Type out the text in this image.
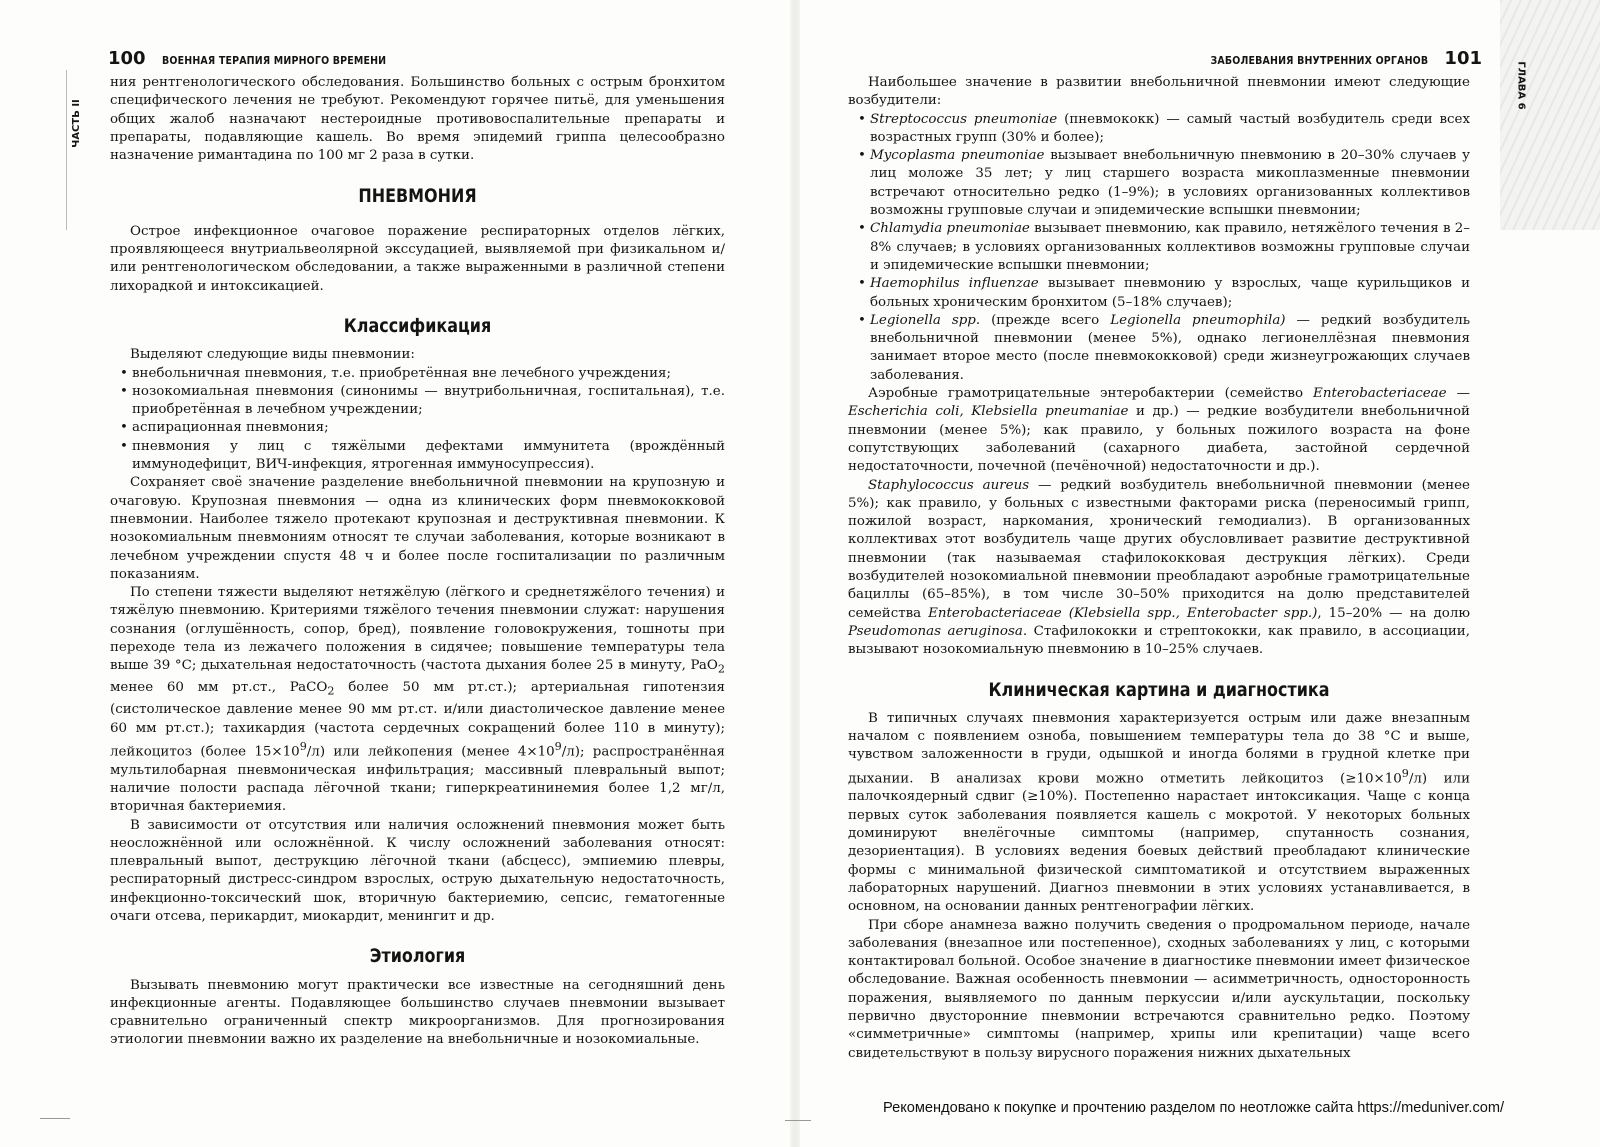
100 ВОЕННАЯ ТЕРАПИЯ МИРНОГО ВРЕМЕНИ
ЧАСТЬ II

ния рентгенологического обследования. Большинство больных с острым бронхитом специфического лечения не требуют. Рекомендуют горячее питьё, для уменьшения общих жалоб назначают нестероидные противовоспалительные препараты и препараты, подавляющие кашель. Во время эпидемий гриппа целесообразно назначение римантадина по 100 мг 2 раза в сутки.

ПНЕВМОНИЯ

Острое инфекционное очаговое поражение респираторных отделов лёгких, проявляющееся внутриальвеолярной экссудацией, выявляемой при физикальном и/или рентгенологическом обследовании, а также выраженными в различной степени лихорадкой и интоксикацией.

Классификация

Выделяют следующие виды пневмонии:

• внебольничная пневмония, т.е. приобретённая вне лечебного учреждения;
• нозокомиальная пневмония (синонимы — внутрибольничная, госпитальная), т.е. приобретённая в лечебном учреждении;
• аспирационная пневмония;
• пневмония у лиц с тяжёлыми дефектами иммунитета (врождённый иммунодефицит, ВИЧ-инфекция, ятрогенная иммуносупрессия).

Сохраняет своё значение разделение внебольничной пневмонии на крупозную и очаговую. Крупозная пневмония — одна из клинических форм пневмококковой пневмонии. Наиболее тяжело протекают крупозная и деструктивная пневмонии. К нозокомиальным пневмониям относят те случаи заболевания, которые возникают в лечебном учреждении спустя 48 ч и более после госпитализации по различным показаниям.

По степени тяжести выделяют нетяжёлую (лёгкого и среднетяжёлого течения) и тяжёлую пневмонию. Критериями тяжёлого течения пневмонии служат: нарушения сознания (оглушённость, сопор, бред), появление головокружения, тошноты при переходе тела из лежачего положения в сидячее; повышение температуры тела выше 39 °С; дыхательная недостаточность (частота дыхания более 25 в минуту, PaO$_2$ менее 60 мм рт.ст., PaCO$_2$ более 50 мм рт.ст.); артериальная гипотензия (систолическое давление менее 90 мм рт.ст. и/или диастолическое давление менее 60 мм рт.ст.); тахикардия (частота сердечных сокращений более 110 в минуту); лейкоцитоз (более $15\times 10^9/л$) или лейкопения (менее $4\times 10^9/л$); распространённая мультилобарная пневмоническая инфильтрация; массивный плевральный выпот; наличие полости распада лёгочной ткани; гиперкреатининемия более 1,2 мг/л, вторичная бактериемия.

В зависимости от отсутствия или наличия осложнений пневмония может быть неосложнённой или осложнённой. К числу осложнений заболевания относят: плевральный выпот, деструкцию лёгочной ткани (абсцесс), эмпиемию плевры, респираторный дистресс-синдром взрослых, острую дыхательную недостаточность, инфекционно-токсический шок, вторичную бактериемию, сепсис, гематогенные очаги отсева, перикардит, миокардит, менингит и др.

Этиология

Вызывать пневмонию могут практически все известные на сегодняшний день инфекционные агенты. Подавляющее большинство случаев пневмонии вызывает сравнительно ограниченный спектр микроорганизмов. Для прогнозирования этиологии пневмонии важно их разделение на внебольничные и нозокомиальные.

ЗАБОЛЕВАНИЯ ВНУТРЕННИХ ОРГАНОВ 101

Наибольшее значение в развитии внебольничной пневмонии имеют следующие возбудители:

• Streptococcus pneumoniae (пневмококк) — самый частый возбудитель среди всех возрастных групп (30% и более);
• Mycoplasma pneumoniae вызывает внебольничную пневмонию в 20–30% случаев у лиц моложе 35 лет; у лиц старшего возраста микоплазменные пневмонии встречают относительно редко (1–9%); в условиях организованных коллективов возможны групповые случаи и эпидемические вспышки пневмонии;
• Chlamydia pneumoniae вызывает пневмонию, как правило, нетяжёлого течения в 2–8% случаев; в условиях организованных коллективов возможны групповые случаи и эпидемические вспышки пневмонии;
• Haemophilus influenzae вызывает пневмонию у взрослых, чаще курильщиков и больных хроническим бронхитом (5–18% случаев);
• Legionella spp. (прежде всего Legionella pneumophila) — редкий возбудитель внебольничной пневмонии (менее 5%), однако легионеллёзная пневмония занимает второе место (после пневмококковой) среди жизнеугрожающих случаев заболевания.

Аэробные грамотрицательные энтеробактерии (семейство Enterobacteriaceae — Escherichia coli, Klebsiella pneumaniae и др.) — редкие возбудители внебольничной пневмонии (менее 5%); как правило, у больных пожилого возраста на фоне сопутствующих заболеваний (сахарного диабета, застойной сердечной недостаточности, почечной (печёночной) недостаточности и др.).

Staphylococcus aureus — редкий возбудитель внебольничной пневмонии (менее 5%); как правило, у больных с известными факторами риска (переносимый грипп, пожилой возраст, наркомания, хронический гемодиализ). В организованных коллективах этот возбудитель чаще других обусловливает развитие деструктивной пневмонии (так называемая стафилококковая деструкция лёгких). Среди возбудителей нозокомиальной пневмонии преобладают аэробные грамотрицательные бациллы (65–85%), в том числе 30–50% приходится на долю представителей семейства Enterobacteriaceae (Klebsiella spp., Enterobacter spp.), 15–20% — на долю Pseudomonas aeruginosa. Стафилококки и стрептококки, как правило, в ассоциации, вызывают нозокомиальную пневмонию в 10–25% случаев.

Клиническая картина и диагностика

В типичных случаях пневмония характеризуется острым или даже внезапным началом с появлением озноба, повышением температуры тела до 38 °С и выше, чувством заложенности в груди, одышкой и иногда болями в грудной клетке при дыхании. В анализах крови можно отметить лейкоцитоз $(\ge 10\times 10^9/л)$ или палочкоядерный сдвиг (≥10%). Постепенно нарастает интоксикация. Чаще с конца первых суток заболевания появляется кашель с мокротой. У некоторых больных доминируют внелёгочные симптомы (например, спутанность сознания, дезориентация). В условиях ведения боевых действий преобладают клинические формы с минимальной физической симптоматикой и отсутствием выраженных лабораторных нарушений. Диагноз пневмонии в этих условиях устанавливается, в основном, на основании данных рентгенографии лёгких.

При сборе анамнеза важно получить сведения о продромальном периоде, начале заболевания (внезапное или постепенное), сходных заболеваниях у лиц, с которыми контактировал больной. Особое значение в диагностике пневмонии имеет физическое обследование. Важная особенность пневмонии — асимметричность, односторонность поражения, выявляемого по данным перкуссии и/или аускультации, поскольку первично двусторонние пневмонии встречаются сравнительно редко. Поэтому «симметричные» симптомы (например, хрипы или крепитации) чаще всего свидетельствуют в пользу вирусного поражения нижних дыхательных

ГЛАВА 6
Рекомендовано к покупке и прочтению разделом по неотложке сайта https://meduniver.com/
